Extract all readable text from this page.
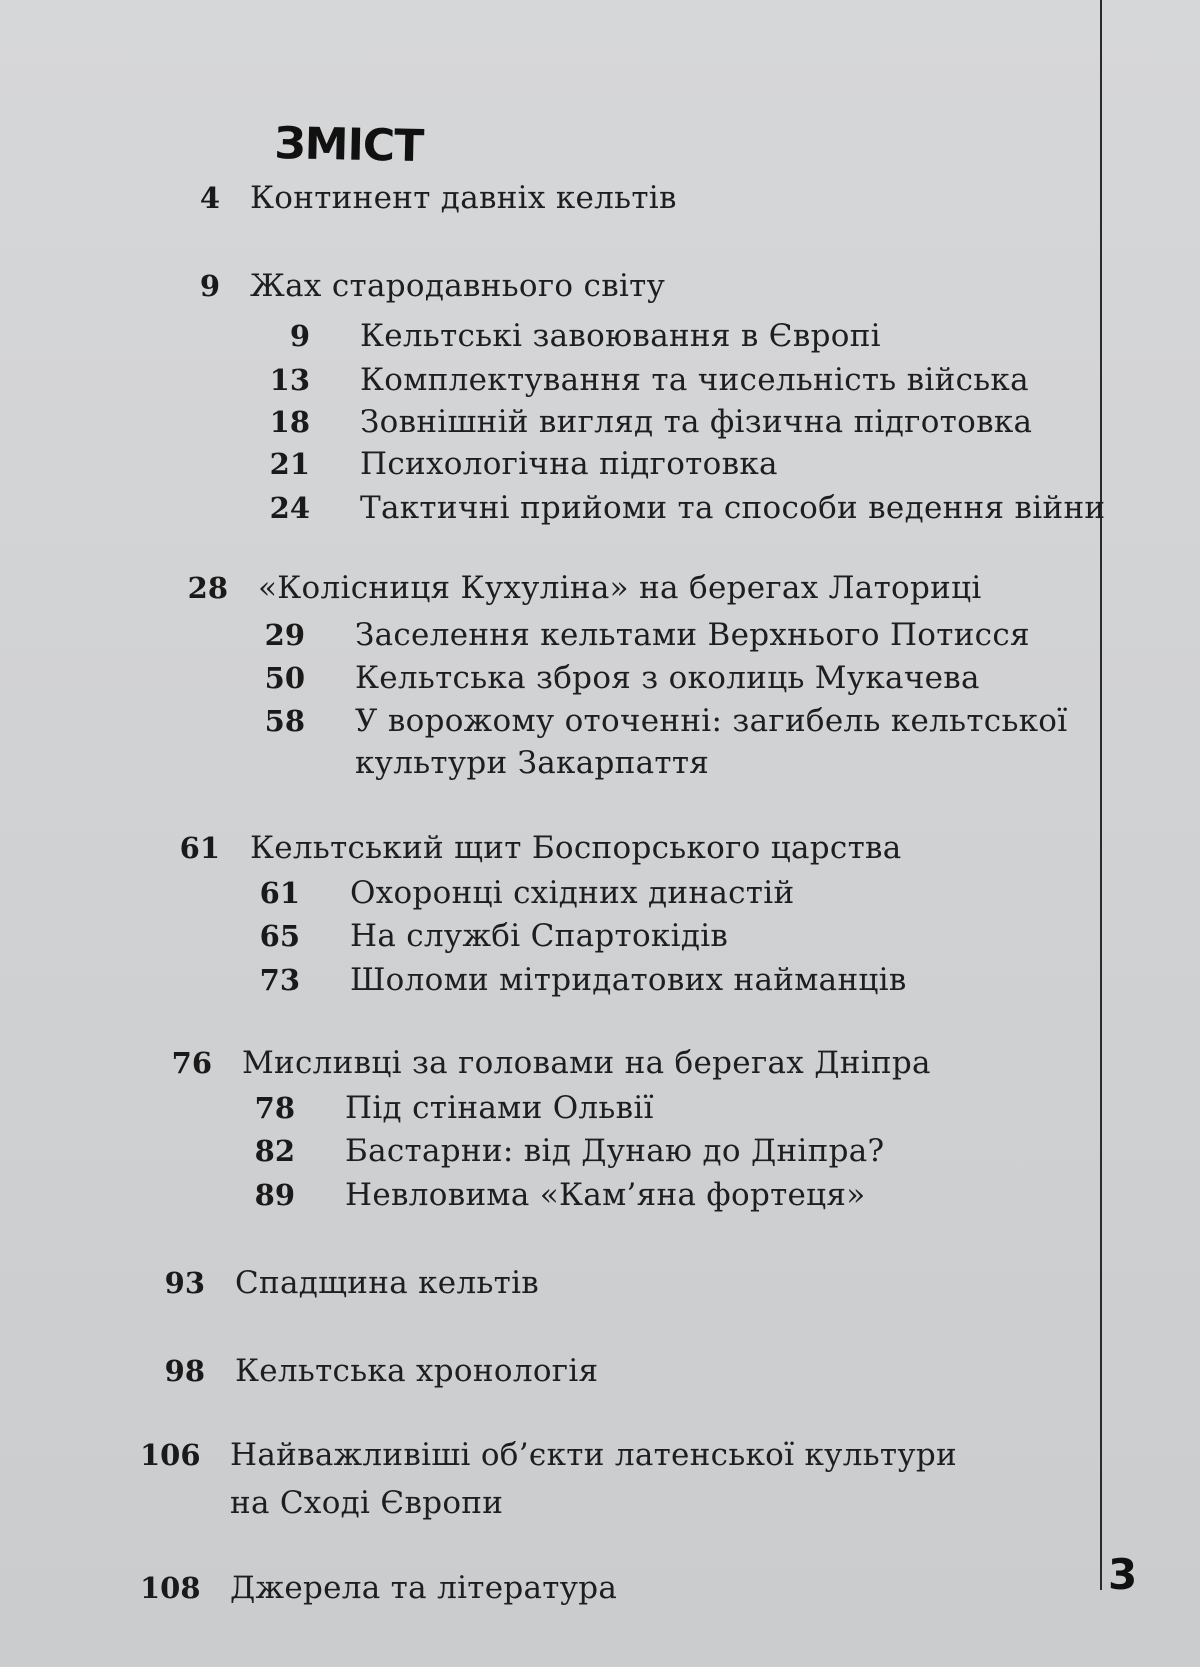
3
ЗМІСТ
4 Континент давніх кельтів
9 Жах стародавнього світу
9 Кельтські завоювання в Європі
13 Комплектування та чисельність війська
18 Зовнішній вигляд та фізична підготовка
21 Психологічна підготовка
24 Тактичні прийоми та способи ведення війни
28 «Колісниця Кухуліна» на берегах Латориці
29 Заселення кельтами Верхнього Потисся
50 Кельтська зброя з околиць Мукачева
58 У ворожому оточенні: загибель кельтської
культури Закарпаття
61 Кельтський щит Боспорського царства
61 Охоронці східних династій
65 На службі Спартокідів
73 Шоломи мітридатових найманців
76 Мисливці за головами на берегах Дніпра
78 Під стінами Ольвії
82 Бастарни: від Дунаю до Дніпра?
89 Невловима «Кам’яна фортеця»
93 Спадщина кельтів
98 Кельтська хронологія
106 Найважливіші об’єкти латенської культури
на Сході Європи
108 Джерела та література
